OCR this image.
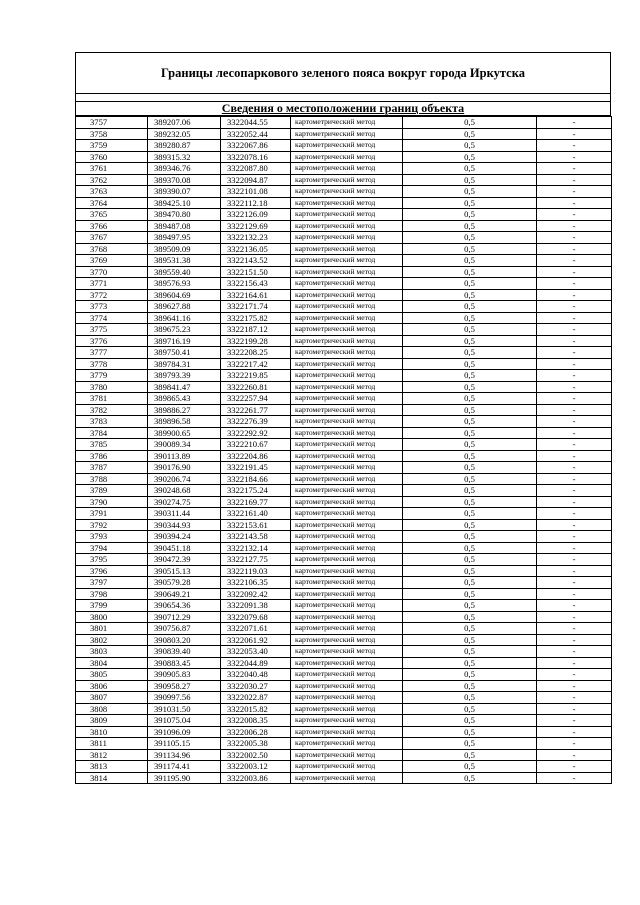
Границы лесопаркового зеленого пояса вокруг города Иркутска
Сведения о местоположении границ объекта
3757	389207.06	3322044.55	картометрический метод	0,5	-
3758	389232.05	3322052.44	картометрический метод	0,5	-
3759	389280.87	3322067.86	картометрический метод	0,5	-
3760	389315.32	3322078.16	картометрический метод	0,5	-
3761	389346.76	3322087.80	картометрический метод	0,5	-
3762	389370.08	3322094.87	картометрический метод	0,5	-
3763	389390.07	3322101.08	картометрический метод	0,5	-
3764	389425.10	3322112.18	картометрический метод	0,5	-
3765	389470.80	3322126.09	картометрический метод	0,5	-
3766	389487.08	3322129.69	картометрический метод	0,5	-
3767	389497.95	3322132.23	картометрический метод	0,5	-
3768	389509.09	3322136.05	картометрический метод	0,5	-
3769	389531.38	3322143.52	картометрический метод	0,5	-
3770	389559.40	3322151.50	картометрический метод	0,5	-
3771	389576.93	3322156.43	картометрический метод	0,5	-
3772	389604.69	3322164.61	картометрический метод	0,5	-
3773	389627.88	3322171.74	картометрический метод	0,5	-
3774	389641.16	3322175.82	картометрический метод	0,5	-
3775	389675.23	3322187.12	картометрический метод	0,5	-
3776	389716.19	3322199.28	картометрический метод	0,5	-
3777	389750.41	3322208.25	картометрический метод	0,5	-
3778	389784.31	3322217.42	картометрический метод	0,5	-
3779	389793.39	3322219.85	картометрический метод	0,5	-
3780	389841.47	3322260.81	картометрический метод	0,5	-
3781	389865.43	3322257.94	картометрический метод	0,5	-
3782	389886.27	3322261.77	картометрический метод	0,5	-
3783	389896.58	3322276.39	картометрический метод	0,5	-
3784	389900.65	3322292.92	картометрический метод	0,5	-
3785	390089.34	3322210.67	картометрический метод	0,5	-
3786	390113.89	3322204.86	картометрический метод	0,5	-
3787	390176.90	3322191.45	картометрический метод	0,5	-
3788	390206.74	3322184.66	картометрический метод	0,5	-
3789	390248.68	3322175.24	картометрический метод	0,5	-
3790	390274.75	3322169.77	картометрический метод	0,5	-
3791	390311.44	3322161.40	картометрический метод	0,5	-
3792	390344.93	3322153.61	картометрический метод	0,5	-
3793	390394.24	3322143.58	картометрический метод	0,5	-
3794	390451.18	3322132.14	картометрический метод	0,5	-
3795	390472.39	3322127.75	картометрический метод	0,5	-
3796	390515.13	3322119.03	картометрический метод	0,5	-
3797	390579.28	3322106.35	картометрический метод	0,5	-
3798	390649.21	3322092.42	картометрический метод	0,5	-
3799	390654.36	3322091.38	картометрический метод	0,5	-
3800	390712.29	3322079.68	картометрический метод	0,5	-
3801	390756.87	3322071.61	картометрический метод	0,5	-
3802	390803.20	3322061.92	картометрический метод	0,5	-
3803	390839.40	3322053.40	картометрический метод	0,5	-
3804	390883.45	3322044.89	картометрический метод	0,5	-
3805	390905.83	3322040.48	картометрический метод	0,5	-
3806	390958.27	3322030.27	картометрический метод	0,5	-
3807	390997.56	3322022.87	картометрический метод	0,5	-
3808	391031.50	3322015.82	картометрический метод	0,5	-
3809	391075.04	3322008.35	картометрический метод	0,5	-
3810	391096.09	3322006.28	картометрический метод	0,5	-
3811	391105.15	3322005.38	картометрический метод	0,5	-
3812	391134.96	3322002.50	картометрический метод	0,5	-
3813	391174.41	3322003.12	картометрический метод	0,5	-
3814	391195.90	3322003.86	картометрический метод	0,5	-
